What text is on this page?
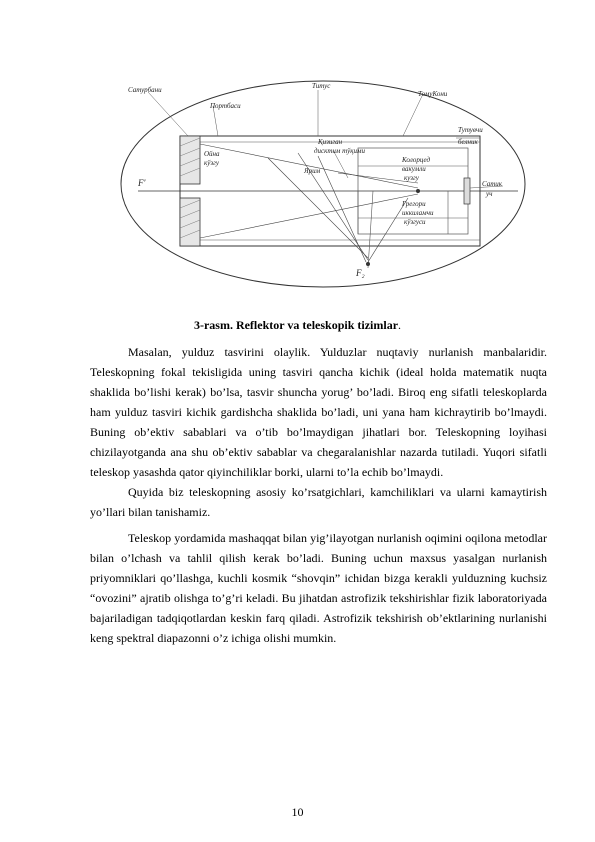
Сатурбани
Портбаси
Титус
ТомуКони
Тутувчи
белник
Қизиган
дисктим тўқими
Ойна
кўзгу
F'
Ярим
Колорцед
вакумли
кузгу
Грегори
иккиламчи
кўзгуси
Сатик
уч
F₂
3-rasm. Reflektor va teleskopik tizimlar.

Masalan, yulduz tasvirini olaylik. Yulduzlar nuqtaviy nurlanish manbalaridir. Teleskopning fokal tekisligida uning tasviri qancha kichik (ideal holda matematik nuqta shaklida bo’lishi kerak) bo’lsa, tasvir shuncha yorug’ bo’ladi. Biroq eng sifatli teleskoplarda ham yulduz tasviri kichik gardishcha shaklida bo’ladi, uni yana ham kichraytirib bo’lmaydi. Buning ob’ektiv sabablari va o’tib bo’lmaydigan jihatlari bor. Teleskopning loyihasi chizilayotganda ana shu ob’ektiv sabablar va chegaralanishlar nazarda tutiladi. Yuqori sifatli teleskop yasashda qator qiyinchiliklar borki, ularni to’la echib bo’lmaydi.

Quyida biz teleskopning asosiy ko’rsatgichlari, kamchiliklari va ularni kamaytirish yo’llari bilan tanishamiz.

Teleskop yordamida mashaqqat bilan yig’ilayotgan nurlanish oqimini oqilona metodlar bilan o’lchash va tahlil qilish kerak bo’ladi. Buning uchun maxsus yasalgan nurlanish priyomniklari qo’llashga, kuchli kosmik “shovqin” ichidan bizga kerakli yulduzning kuchsiz “ovozini” ajratib olishga to’g’ri keladi. Bu jihatdan astrofizik tekshirishlar fizik laboratoriyada bajariladigan tadqiqotlardan keskin farq qiladi. Astrofizik tekshirish ob’ektlarining nurlanishi keng spektral diapazonni o’z ichiga olishi mumkin.

10
